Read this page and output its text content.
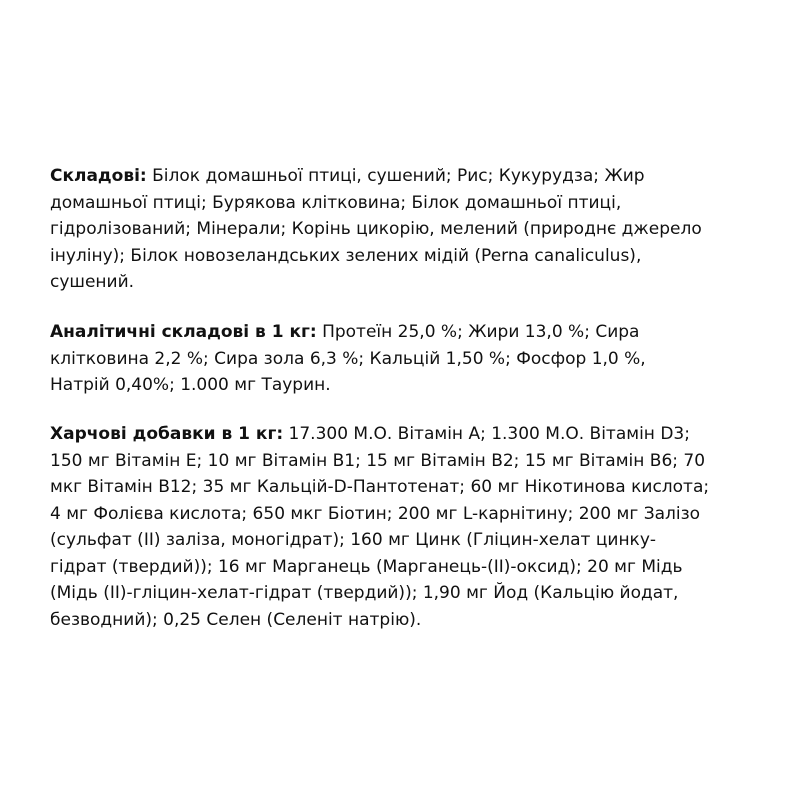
Складові: Білок домашньої птиці, сушений; Рис; Кукурудза; Жир домашньої птиці; Бурякова клітковина; Білок домашньої птиці, гідролізований; Мінерали; Корінь цикорію, мелений (природнє джерело інуліну); Білок новозеландських зелених мідій (Perna canaliculus), сушений.

Аналітичні складові в 1 кг: Протеїн 25,0 %; Жири 13,0 %; Сира клітковина 2,2 %; Сира зола 6,3 %; Кальцій 1,50 %; Фосфор 1,0 %, Натрій 0,40%; 1.000 мг Таурин.

Харчові добавки в 1 кг: 17.300 М.О. Вітамін А; 1.300 М.О. Вітамін D3; 150 мг Вітамін Е; 10 мг Вітамін В1; 15 мг Вітамін В2; 15 мг Вітамін В6; 70 мкг Вітамін В12; 35 мг Кальцій-D-Пантотенат; 60 мг Нікотинова кислота; 4 мг Фолієва кислота; 650 мкг Біотин; 200 мг L-карнітину; 200 мг Залізо (сульфат (II) заліза, моногідрат); 160 мг Цинк (Гліцин-хелат цинку-гідрат (твердий)); 16 мг Марганець (Марганець-(II)-оксид); 20 мг Мідь (Мідь (II)-гліцин-хелат-гідрат (твердий)); 1,90 мг Йод (Кальцію йодат, безводний); 0,25 Селен (Селеніт натрію).
